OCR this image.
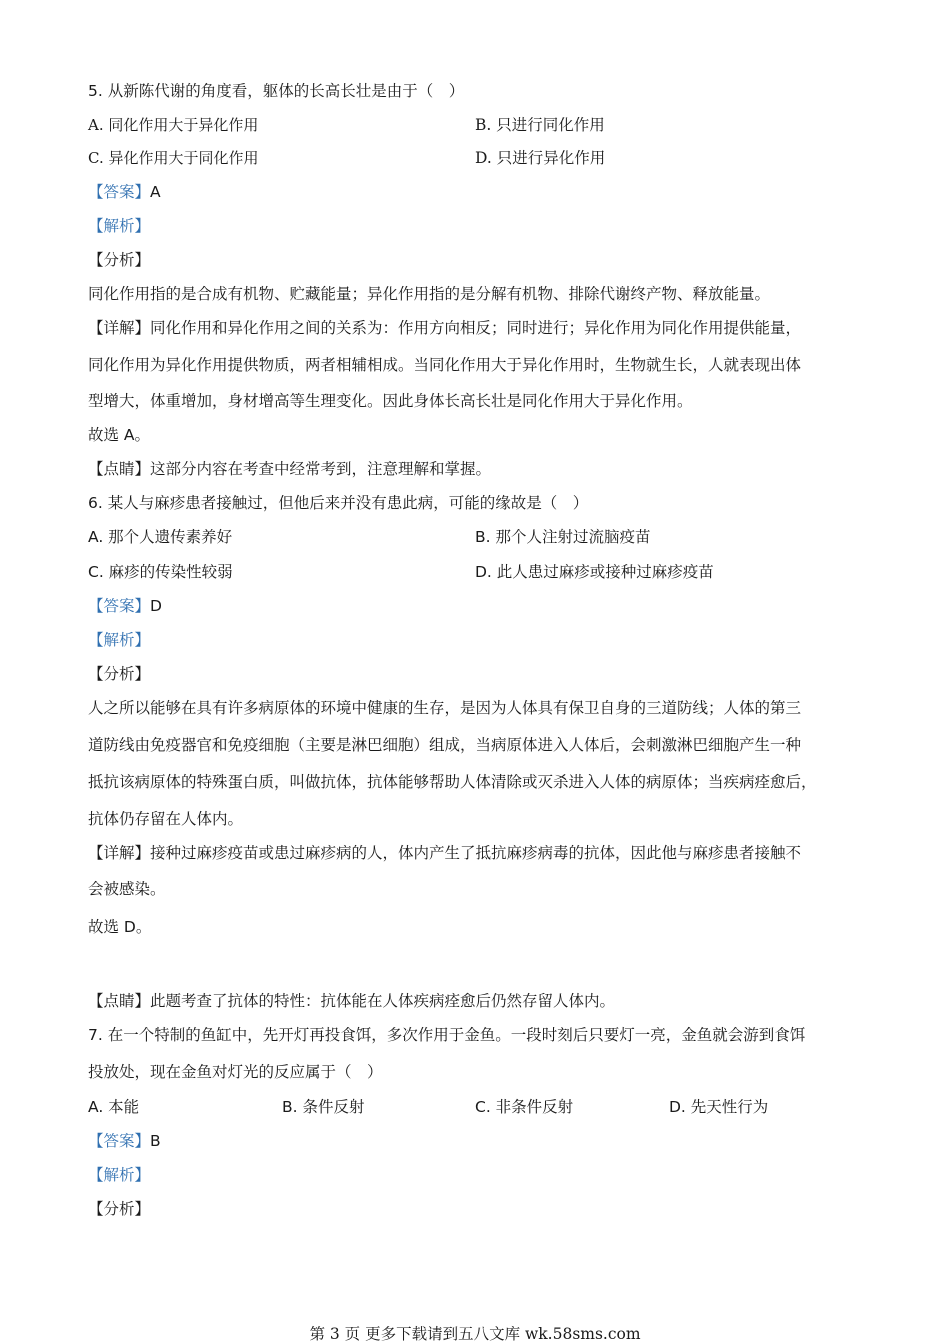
5. 从新陈代谢的角度看，躯体的长高长壮是由于（　）
A. 同化作用大于异化作用	B. 只进行同化作用
C. 异化作用大于同化作用	D. 只进行异化作用
【答案】A
【解析】
【分析】
同化作用指的是合成有机物、贮藏能量；异化作用指的是分解有机物、排除代谢终产物、释放能量。
【详解】同化作用和异化作用之间的关系为：作用方向相反；同时进行；异化作用为同化作用提供能量，
同化作用为异化作用提供物质，两者相辅相成。当同化作用大于异化作用时，生物就生长，人就表现出体
型增大，体重增加，身材增高等生理变化。因此身体长高长壮是同化作用大于异化作用。
故选 A。
【点睛】这部分内容在考查中经常考到，注意理解和掌握。
6. 某人与麻疹患者接触过，但他后来并没有患此病，可能的缘故是（　）
A. 那个人遗传素养好	B. 那个人注射过流脑疫苗
C. 麻疹的传染性较弱	D. 此人患过麻疹或接种过麻疹疫苗
【答案】D
【解析】
【分析】
人之所以能够在具有许多病原体的环境中健康的生存，是因为人体具有保卫自身的三道防线；人体的第三
道防线由免疫器官和免疫细胞（主要是淋巴细胞）组成，当病原体进入人体后，会刺激淋巴细胞产生一种
抵抗该病原体的特殊蛋白质，叫做抗体，抗体能够帮助人体清除或灭杀进入人体的病原体；当疾病痊愈后，
抗体仍存留在人体内。
【详解】接种过麻疹疫苗或患过麻疹病的人，体内产生了抵抗麻疹病毒的抗体，因此他与麻疹患者接触不
会被感染。
故选 D。
【点睛】此题考查了抗体的特性：抗体能在人体疾病痊愈后仍然存留人体内。
7. 在一个特制的鱼缸中，先开灯再投食饵，多次作用于金鱼。一段时刻后只要灯一亮，金鱼就会游到食饵
投放处，现在金鱼对灯光的反应属于（　）
A. 本能	B. 条件反射	C. 非条件反射	D. 先天性行为
【答案】B
【解析】
【分析】
第 3 页 更多下载请到五八文库 wk.58sms.com
